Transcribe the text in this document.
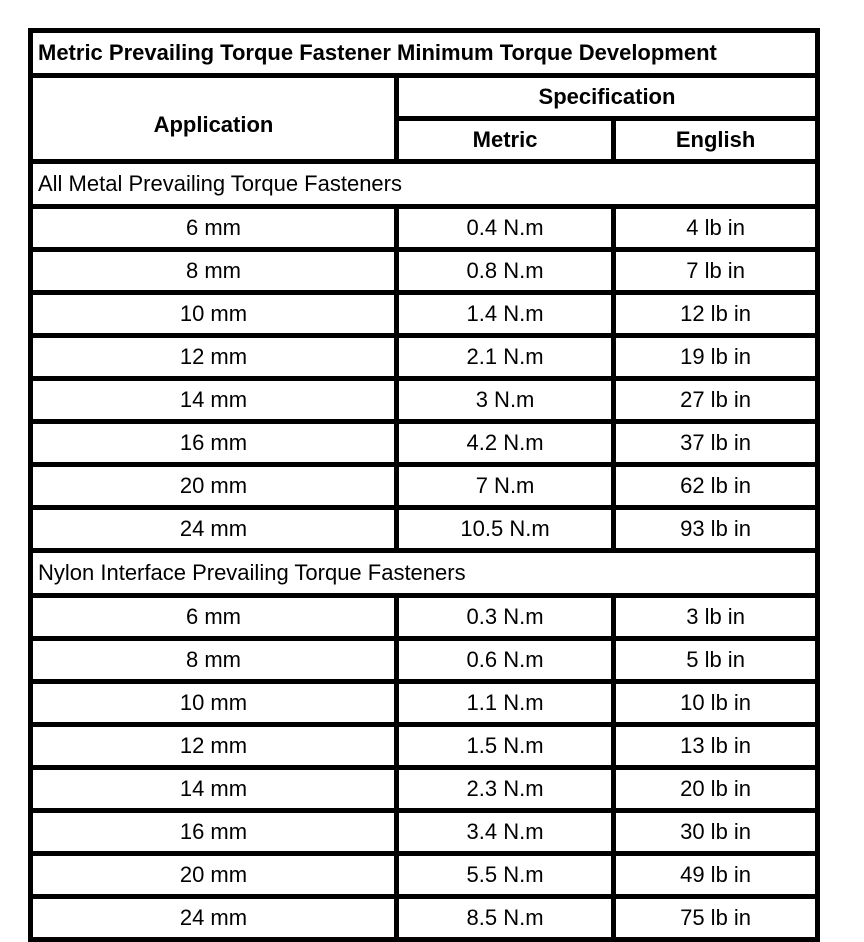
Metric Prevailing Torque Fastener Minimum Torque Development		
Application	Specification	
	Metric	English
All Metal Prevailing Torque Fasteners		
6 mm	0.4 N.m	4 lb in
8 mm	0.8 N.m	7 lb in
10 mm	1.4 N.m	12 lb in
12 mm	2.1 N.m	19 lb in
14 mm	3 N.m	27 lb in
16 mm	4.2 N.m	37 lb in
20 mm	7 N.m	62 lb in
24 mm	10.5 N.m	93 lb in
Nylon Interface Prevailing Torque Fasteners		
6 mm	0.3 N.m	3 lb in
8 mm	0.6 N.m	5 lb in
10 mm	1.1 N.m	10 lb in
12 mm	1.5 N.m	13 lb in
14 mm	2.3 N.m	20 lb in
16 mm	3.4 N.m	30 lb in
20 mm	5.5 N.m	49 lb in
24 mm	8.5 N.m	75 lb in
